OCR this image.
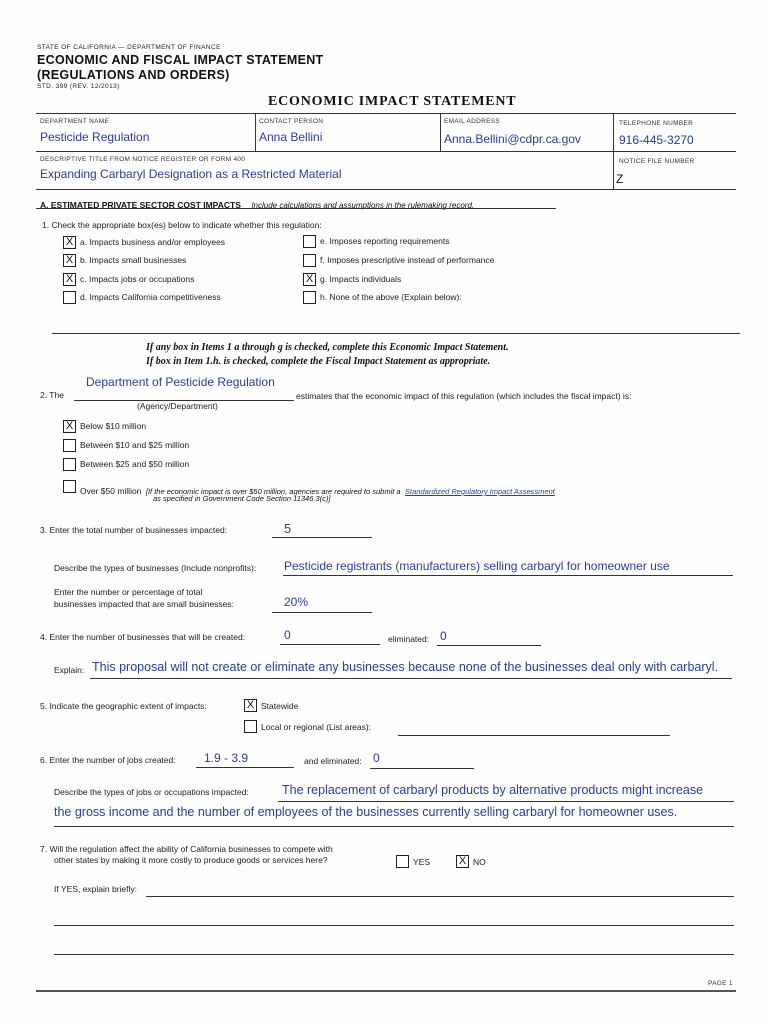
STATE OF CALIFORNIA — DEPARTMENT OF FINANCE
ECONOMIC AND FISCAL IMPACT STATEMENT
(REGULATIONS AND ORDERS)
STD. 399 (REV. 12/2013)
ECONOMIC IMPACT STATEMENT
DEPARTMENT NAME
Pesticide Regulation
CONTACT PERSON
Anna Bellini
EMAIL ADDRESS
Anna.Bellini@cdpr.ca.gov
TELEPHONE NUMBER
916-445-3270
DESCRIPTIVE TITLE FROM NOTICE REGISTER OR FORM 400
Expanding Carbaryl Designation as a Restricted Material
NOTICE FILE NUMBER
Z
A. ESTIMATED PRIVATE SECTOR COST IMPACTS Include calculations and assumptions in the rulemaking record.
1. Check the appropriate box(es) below to indicate whether this regulation:
X a. Impacts business and/or employees
X b. Impacts small businesses
X c. Impacts jobs or occupations
d. Impacts California competitiveness
e. Imposes reporting requirements
f. Imposes prescriptive instead of performance
X g. Impacts individuals
h. None of the above (Explain below):
If any box in Items 1 a through g is checked, complete this Economic Impact Statement.
If box in Item 1.h. is checked, complete the Fiscal Impact Statement as appropriate.
Department of Pesticide Regulation
2. The
(Agency/Department)
estimates that the economic impact of this regulation (which includes the fiscal impact) is:
X Below $10 million
Between $10 and $25 million
Between $25 and $50 million
Over $50 million [If the economic impact is over $50 million, agencies are required to submit a Standardized Regulatory Impact Assessment
as specified in Government Code Section 11346.3(c)]
3. Enter the total number of businesses impacted:	5
Describe the types of businesses (Include nonprofits): Pesticide registrants (manufacturers) selling carbaryl for homeowner use
Enter the number or percentage of total
businesses impacted that are small businesses:	20%
4. Enter the number of businesses that will be created:	0	eliminated: 0
Explain: This proposal will not create or eliminate any businesses because none of the businesses deal only with carbaryl.
5. Indicate the geographic extent of impacts:	X Statewide
Local or regional (List areas):
6. Enter the number of jobs created: 1.9 - 3.9	and eliminated: 0
Describe the types of jobs or occupations impacted:	The replacement of carbaryl products by alternative products might increase
the gross income and the number of employees of the businesses currently selling carbaryl for homeowner uses.
7. Will the regulation affect the ability of California businesses to compete with
other states by making it more costly to produce goods or services here?	YES	X NO
If YES, explain briefly:
PAGE 1
